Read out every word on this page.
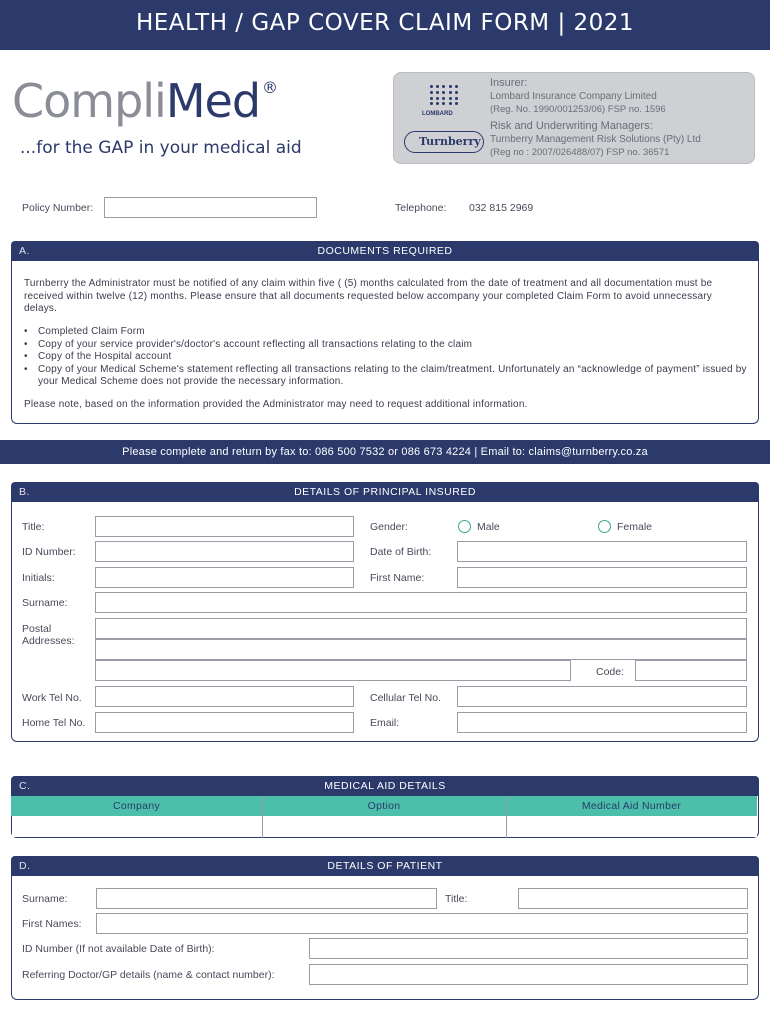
HEALTH / GAP COVER CLAIM FORM | 2021
CompliMed ®
...for the GAP in your medical aid
LOMBARD
Turnberry
Insurer:
Lombard Insurance Company Limited
(Reg. No. 1990/001253/06) FSP no. 1596
Risk and Underwriting Managers:
Turnberry Management Risk Solutions (Pty) Ltd
(Reg no : 2007/026488/07) FSP no. 36571
Policy Number:	Telephone: 032 815 2969
A.	DOCUMENTS REQUIRED
Turnberry the Administrator must be notified of any claim within five ( (5) months calculated from the date of treatment and all documentation must be received within twelve (12) months. Please ensure that all documents requested below accompany your completed Claim Form to avoid unnecessary delays.
• Completed Claim Form
• Copy of your service provider's/doctor's account reflecting all transactions relating to the claim
• Copy of the Hospital account
• Copy of your Medical Scheme's statement reflecting all transactions relating to the claim/treatment. Unfortunately an “acknowledge of payment” issued by your Medical Scheme does not provide the necessary information.
Please note, based on the information provided the Administrator may need to request additional information.
Please complete and return by fax to: 086 500 7532 or 086 673 4224 | Email to: claims@turnberry.co.za
B.	DETAILS OF PRINCIPAL INSURED
Title:	Gender:	Male	Female
ID Number:	Date of Birth:
Initials:	First Name:
Surname:
Postal Addresses:
Code:
Work Tel No.	Cellular Tel No.
Home Tel No.	Email:
C.	MEDICAL AID DETAILS
Company	Option	Medical Aid Number
D.	DETAILS OF PATIENT
Surname:	Title:
First Names:
ID Number (If not available Date of Birth):
Referring Doctor/GP details (name & contact number):
